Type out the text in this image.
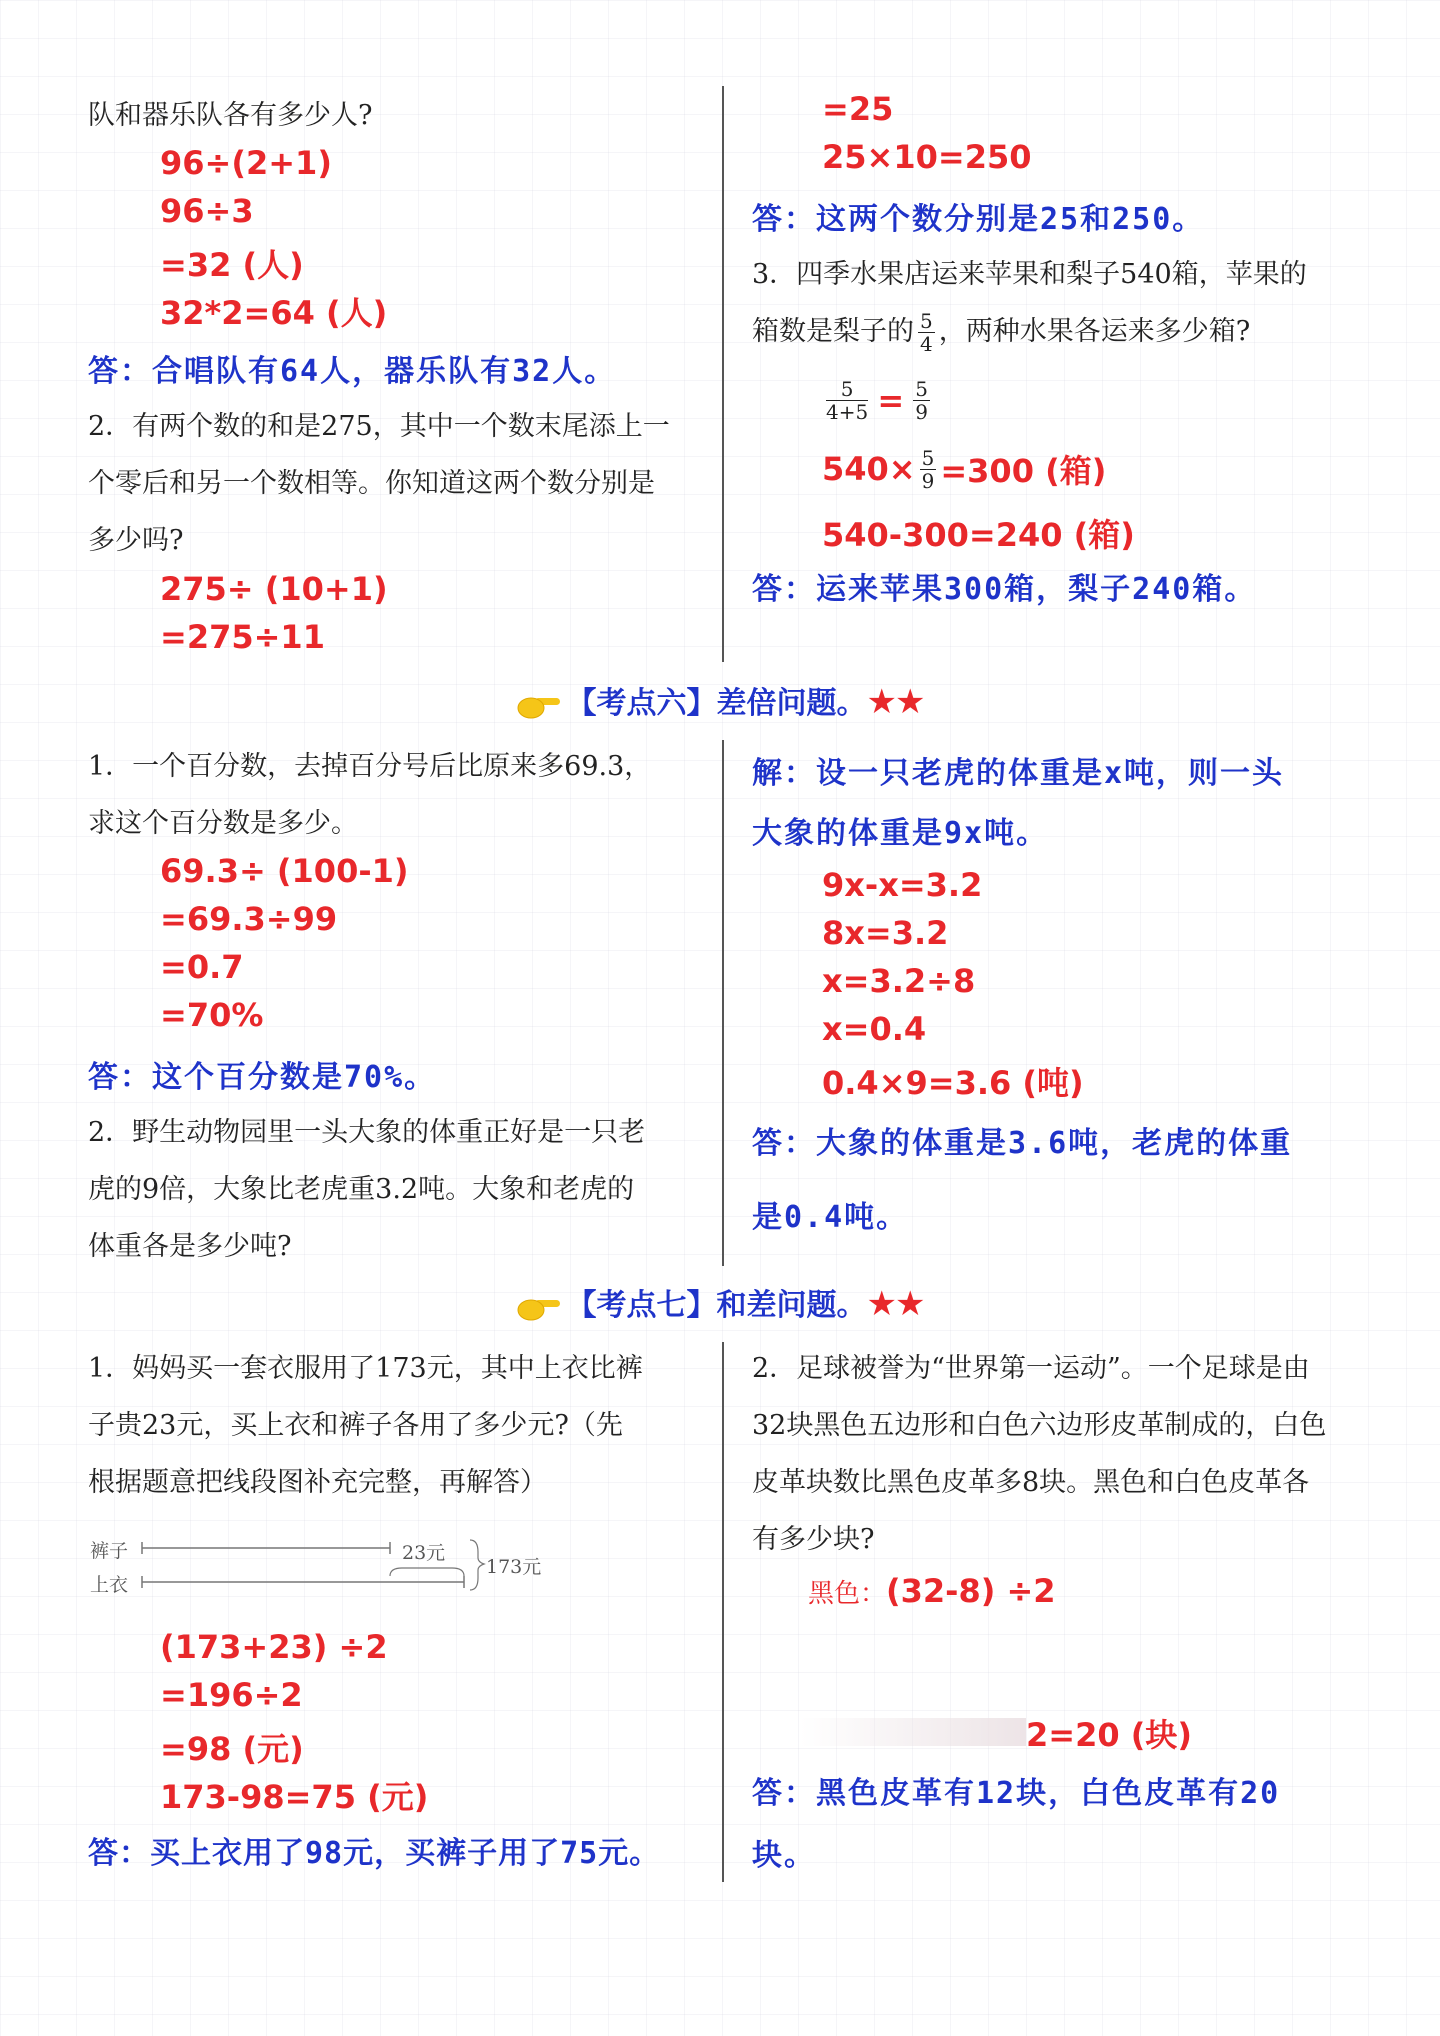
队和器乐队各有多少人?
96÷(2+1)
96÷3
=32 (人)
32*2=64 (人)
答：合唱队有64人，器乐队有32人。
2．有两个数的和是275，其中一个数末尾添上一
个零后和另一个数相等。你知道这两个数分别是
多少吗?
275÷ (10+1)
=275÷11
=25
25×10=250
答：这两个数分别是25和250。
3．四季水果店运来苹果和梨子540箱，苹果的
箱数是梨子的 $\frac{5}{4}$ ，两种水果各运来多少箱?
$\frac{5}{4+5} = \frac{5}{9}$
$540\times \frac{5}{9} =300$ (箱)
540-300=240 (箱)
答：运来苹果300箱，梨子240箱。
【考点六】差倍问题。★★
1．一个百分数，去掉百分号后比原来多69.3，
求这个百分数是多少。
69.3÷ (100-1)
=69.3÷99
=0.7
=70%
答：这个百分数是70%。
2．野生动物园里一头大象的体重正好是一只老
虎的9倍，大象比老虎重3.2吨。大象和老虎的
体重各是多少吨?
解：设一只老虎的体重是x吨，则一头
大象的体重是9x吨。
9x-x=3.2
8x=3.2
x=3.2÷8
x=0.4
0.4×9=3.6 (吨)
答：大象的体重是3.6吨，老虎的体重
是0.4吨。
【考点七】和差问题。★★
1．妈妈买一套衣服用了173元，其中上衣比裤
子贵23元，买上衣和裤子各用了多少元?（先
根据题意把线段图补充完整，再解答）
裤子
上衣
23元
173元
(173+23) ÷2
=196÷2
=98 (元)
173-98=75 (元)
答：买上衣用了98元，买裤子用了75元。
2．足球被誉为“世界第一运动”。一个足球是由
32块黑色五边形和白色六边形皮革制成的，白色
皮革块数比黑色皮革多8块。黑色和白色皮革各
有多少块?
黑色：(32-8) ÷2
2=20 (块)
答：黑色皮革有12块，白色皮革有20
块。
